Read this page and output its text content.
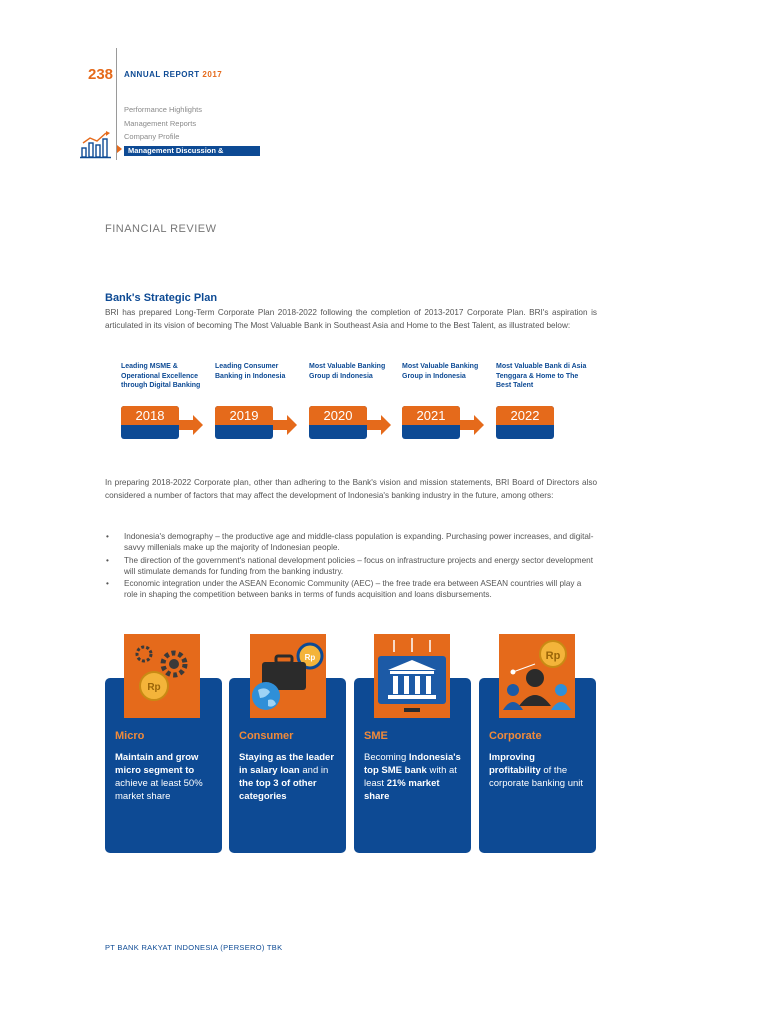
238 ANNUAL REPORT 2017
Performance Highlights
Management Reports
Company Profile
Management Discussion & Analysis
FINANCIAL REVIEW
Bank's Strategic Plan

BRI has prepared Long-Term Corporate Plan 2018-2022 following the completion of 2013-2017 Corporate Plan. BRI's aspiration is articulated in its vision of becoming The Most Valuable Bank in Southeast Asia and Home to the Best Talent, as illustrated below:

Leading MSME & Operational Excellence through Digital Banking
2018
Leading Consumer Banking in Indonesia
2019
Most Valuable Banking Group di Indonesia
2020
Most Valuable Banking Group in Indonesia
2021
Most Valuable Bank di Asia Tenggara & Home to The Best Talent
2022

In preparing 2018-2022 Corporate plan, other than adhering to the Bank's vision and mission statements, BRI Board of Directors also considered a number of factors that may affect the development of Indonesia's banking industry in the future, among others:

• Indonesia's demography – the productive age and middle-class population is expanding. Purchasing power increases, and digital-savvy millenials make up the majority of Indonesian people.
• The direction of the government's national development policies – focus on infrastructure projects and energy sector development will stimulate demands for funding from the banking industry.
• Economic integration under the ASEAN Economic Community (AEC) – the free trade era between ASEAN countries will play a role in shaping the competition between banks in terms of funds acquisition and loans disbursements.
Micro
Maintain and grow micro segment to achieve at least 50% market share
Consumer
Staying as the leader in salary loan and in the top 3 of other categories
SME
Becoming Indonesia's top SME bank with at least 21% market share
Corporate
Improving profitability of the corporate banking unit
Rp
Rp	Rp
PT BANK RAKYAT INDONESIA (PERSERO) TBK
